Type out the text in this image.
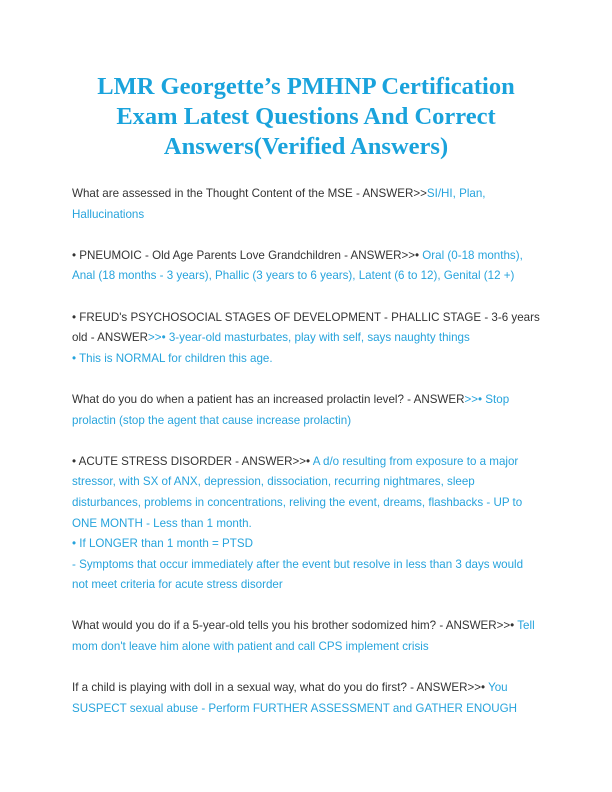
LMR Georgette’s PMHNP Certification
Exam Latest Questions And Correct
Answers(Verified Answers)
What are assessed in the Thought Content of the MSE - ANSWER>>SI/HI, Plan, Hallucinations
• PNEUMOIC - Old Age Parents Love Grandchildren - ANSWER>>• Oral (0-18 months), Anal (18 months - 3 years), Phallic (3 years to 6 years), Latent (6 to 12), Genital (12 +)
• FREUD's PSYCHOSOCIAL STAGES OF DEVELOPMENT - PHALLIC STAGE - 3-6 years old - ANSWER>>• 3-year-old masturbates, play with self, says naughty things
• This is NORMAL for children this age.
What do you do when a patient has an increased prolactin level? - ANSWER>>• Stop prolactin (stop the agent that cause increase prolactin)
• ACUTE STRESS DISORDER - ANSWER>>• A d/o resulting from exposure to a major stressor, with SX of ANX, depression, dissociation, recurring nightmares, sleep disturbances, problems in concentrations, reliving the event, dreams, flashbacks - UP to ONE MONTH - Less than 1 month.
• If LONGER than 1 month = PTSD
- Symptoms that occur immediately after the event but resolve in less than 3 days would not meet criteria for acute stress disorder
What would you do if a 5-year-old tells you his brother sodomized him? - ANSWER>>• Tell mom don't leave him alone with patient and call CPS implement crisis
If a child is playing with doll in a sexual way, what do you do first? - ANSWER>>• You SUSPECT sexual abuse - Perform FURTHER ASSESSMENT and GATHER ENOUGH
